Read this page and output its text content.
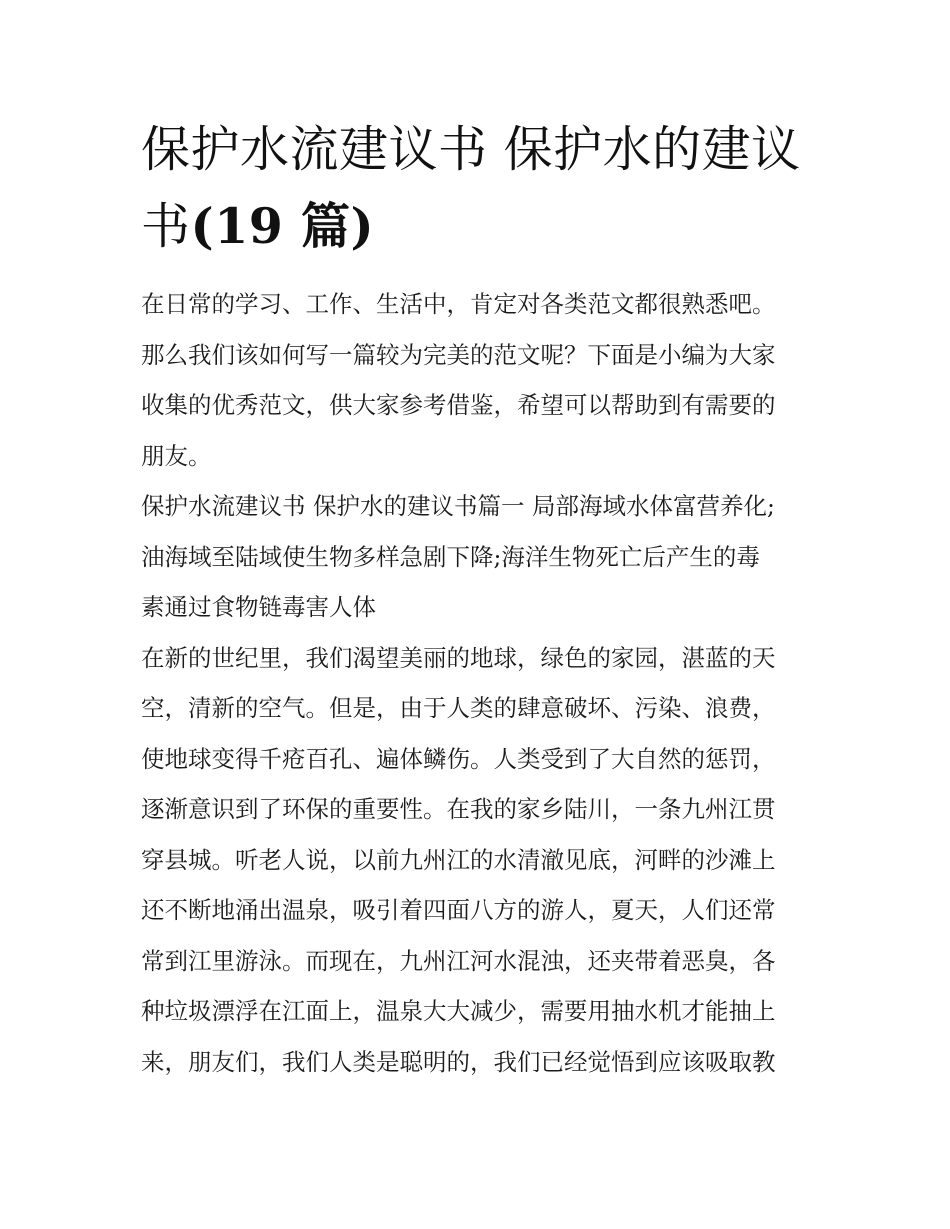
保护水流建议书 保护水的建议
书(19 篇)

在日常的学习、工作、生活中，肯定对各类范文都很熟悉吧。
那么我们该如何写一篇较为完美的范文呢？下面是小编为大家
收集的优秀范文，供大家参考借鉴，希望可以帮助到有需要的
朋友。

保护水流建议书 保护水的建议书篇一 局部海域水体富营养化;
油海域至陆域使生物多样急剧下降;海洋生物死亡后产生的毒
素通过食物链毒害人体

在新的世纪里，我们渴望美丽的地球，绿色的家园，湛蓝的天
空，清新的空气。但是，由于人类的肆意破坏、污染、浪费，
使地球变得千疮百孔、遍体鳞伤。人类受到了大自然的惩罚，
逐渐意识到了环保的重要性。在我的家乡陆川，一条九州江贯
穿县城。听老人说，以前九州江的水清澈见底，河畔的沙滩上
还不断地涌出温泉，吸引着四面八方的游人，夏天，人们还常
常到江里游泳。而现在，九州江河水混浊，还夹带着恶臭，各
种垃圾漂浮在江面上，温泉大大减少，需要用抽水机才能抽上
来，朋友们，我们人类是聪明的，我们已经觉悟到应该吸取教
